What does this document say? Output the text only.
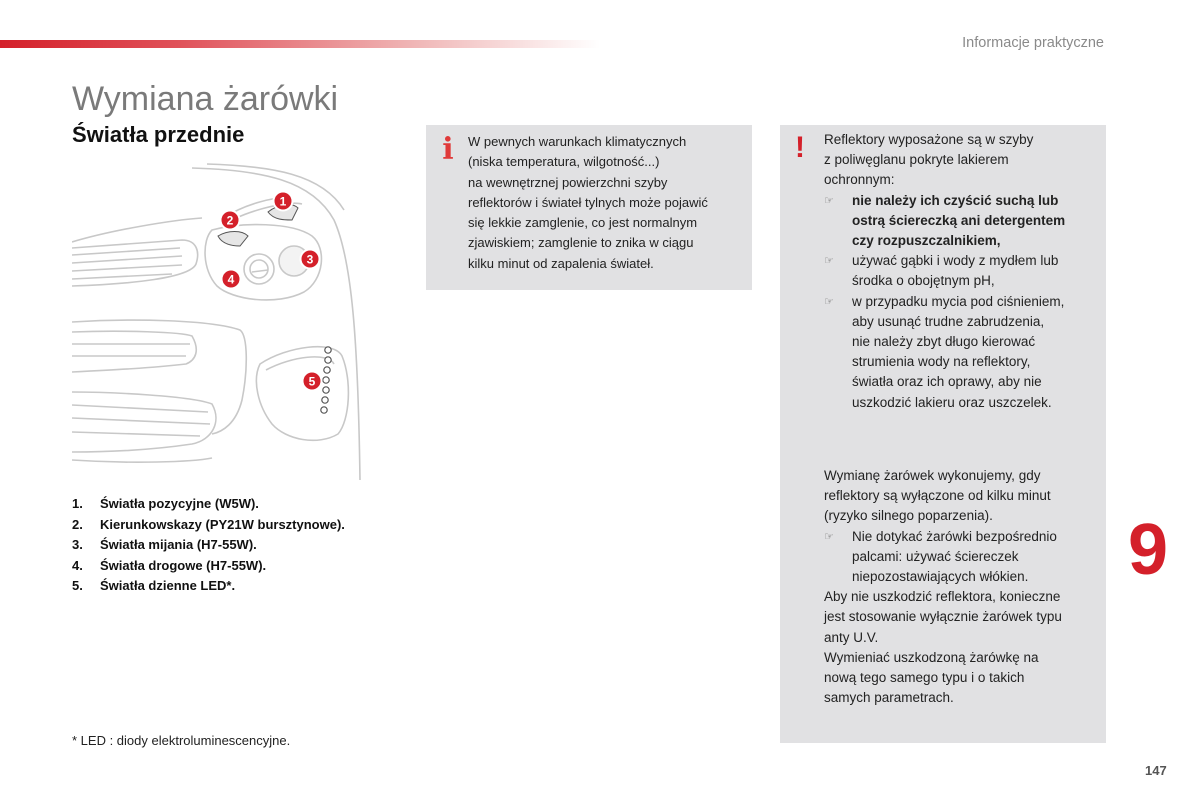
Informacje praktyczne
Wymiana żarówki
Światła przednie
1
2
3
4
5
1.	Światła pozycyjne (W5W).
2.	Kierunkowskazy (PY21W bursztynowe).
3.	Światła mijania (H7-55W).
4.	Światła drogowe (H7-55W).
5.	Światła dzienne LED*.
* LED : diody elektroluminescencyjne.
i W pewnych warunkach klimatycznych
(niska temperatura, wilgotność...)
na wewnętrznej powierzchni szyby
reflektorów i świateł tylnych może pojawić
się lekkie zamglenie, co jest normalnym
zjawiskiem; zamglenie to znika w ciągu
kilku minut od zapalenia świateł.
! Reflektory wyposażone są w szyby
z poliwęglanu pokryte lakierem
ochronnym:

☞	nie należy ich czyścić suchą lub
ostrą ściereczką ani detergentem
czy rozpuszczalnikiem,
☞	używać gąbki i wody z mydłem lub
środka o obojętnym pH,
☞	w przypadku mycia pod ciśnieniem,
aby usunąć trudne zabrudzenia,
nie należy zbyt długo kierować
strumienia wody na reflektory,
światła oraz ich oprawy, aby nie
uszkodzić lakieru oraz uszczelek.

Wymianę żarówek wykonujemy, gdy
reflektory są wyłączone od kilku minut
(ryzyko silnego poparzenia).

☞	Nie dotykać żarówki bezpośrednio
palcami: używać ściereczek
niepozostawiających włókien.

Aby nie uszkodzić reflektora, konieczne
jest stosowanie wyłącznie żarówek typu
anty U.V.

Wymieniać uszkodzoną żarówkę na
nową tego samego typu i o takich
samych parametrach.

9
147
